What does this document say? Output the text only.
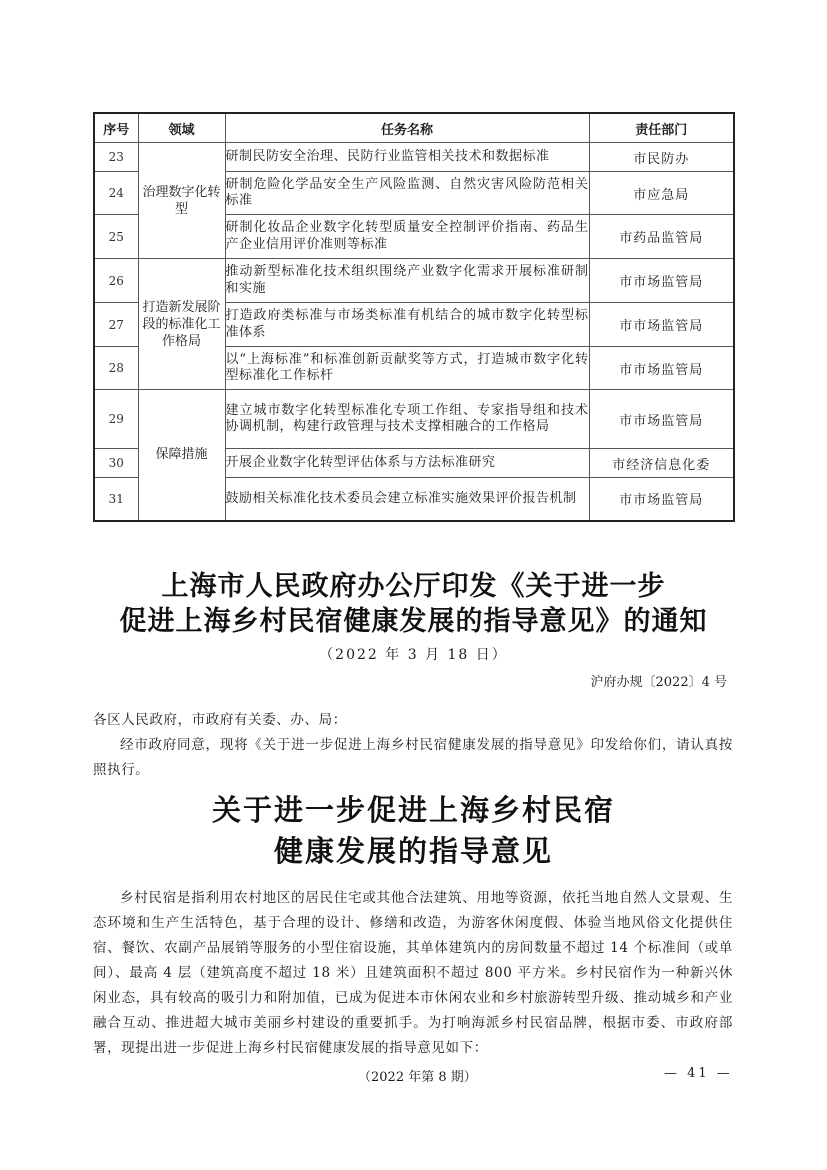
序号	领域	任务名称	责任部门
23	治理数字化转型	研制民防安全治理、民防行业监管相关技术和数据标准	市民防办
24		研制危险化学品安全生产风险监测、自然灾害风险防范相关标准	市应急局
25		研制化妆品企业数字化转型质量安全控制评价指南、药品生产企业信用评价准则等标准	市药品监管局
26	打造新发展阶段的标准化工作格局	推动新型标准化技术组织围绕产业数字化需求开展标准研制和实施	市市场监管局
27		打造政府类标准与市场类标准有机结合的城市数字化转型标准体系	市市场监管局
28		以“上海标准”和标准创新贡献奖等方式，打造城市数字化转型标准化工作标杆	市市场监管局
29	保障措施	建立城市数字化转型标准化专项工作组、专家指导组和技术协调机制，构建行政管理与技术支撑相融合的工作格局	市市场监管局
30		开展企业数字化转型评估体系与方法标准研究	市经济信息化委
31		鼓励相关标准化技术委员会建立标准实施效果评价报告机制	市市场监管局
上海市人民政府办公厅印发《关于进一步
促进上海乡村民宿健康发展的指导意见》的通知
（2022 年 3 月 18 日）
沪府办规〔2022〕4 号
各区人民政府，市政府有关委、办、局：
经市政府同意，现将《关于进一步促进上海乡村民宿健康发展的指导意见》印发给你们，请认真按照执行。
关于进一步促进上海乡村民宿
健康发展的指导意见
乡村民宿是指利用农村地区的居民住宅或其他合法建筑、用地等资源，依托当地自然人文景观、生态环境和生产生活特色，基于合理的设计、修缮和改造，为游客休闲度假、体验当地风俗文化提供住宿、餐饮、农副产品展销等服务的小型住宿设施，其单体建筑内的房间数量不超过 14 个标准间（或单间）、最高 4 层（建筑高度不超过 18 米）且建筑面积不超过 800 平方米。乡村民宿作为一种新兴休闲业态，具有较高的吸引力和附加值，已成为促进本市休闲农业和乡村旅游转型升级、推动城乡和产业融合互动、推进超大城市美丽乡村建设的重要抓手。为打响海派乡村民宿品牌，根据市委、市政府部署，现提出进一步促进上海乡村民宿健康发展的指导意见如下：
（2022 年第 8 期）	— 41 —
